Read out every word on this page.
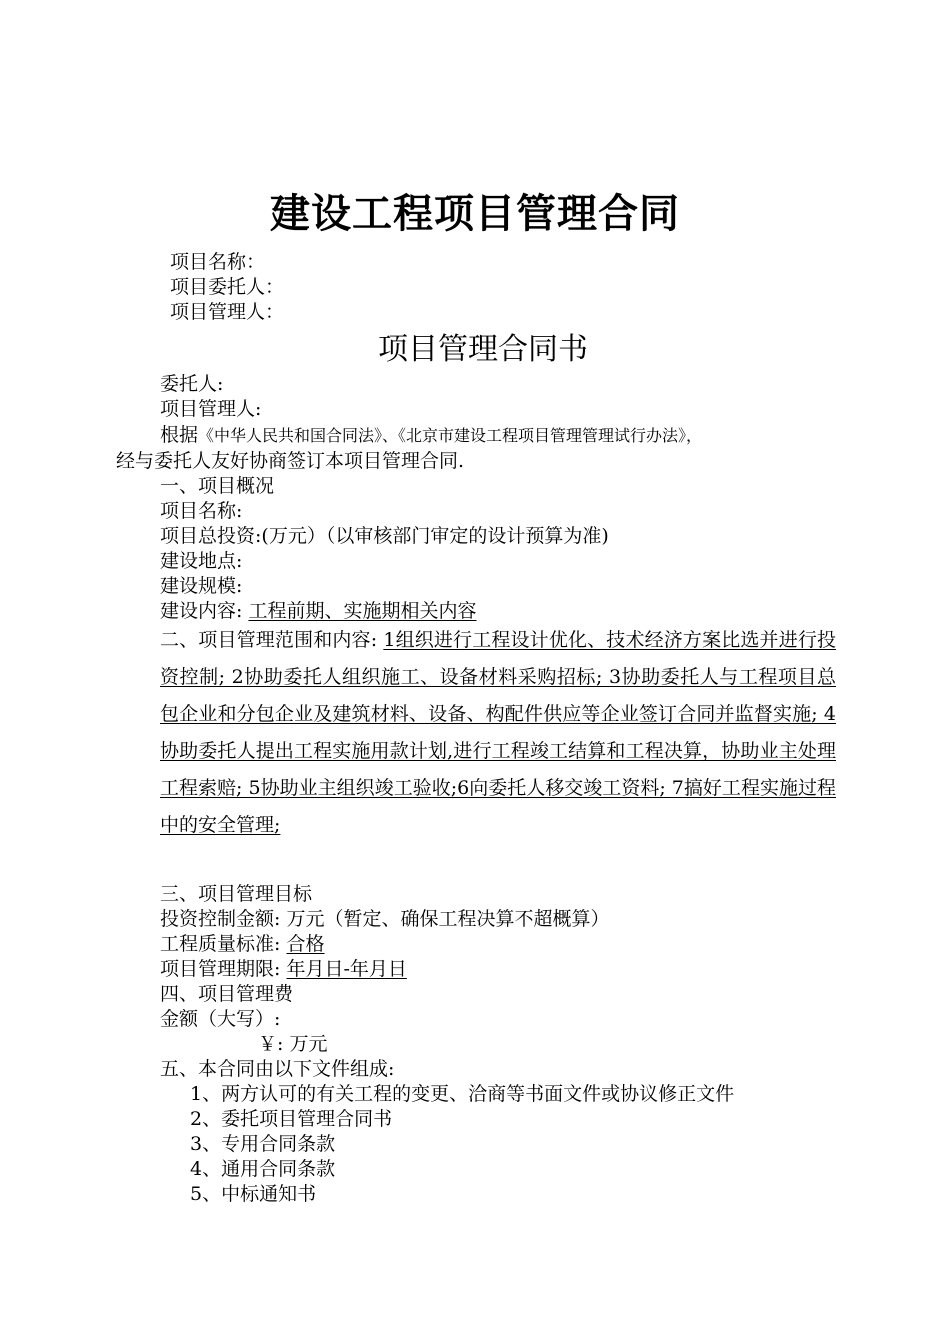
建设工程项目管理合同
项目名称：
项目委托人：
项目管理人：
项目管理合同书
委托人:
项目管理人:
根据《中华人民共和国合同法》、《北京市建设工程项目管理管理试行办法》，
经与委托人友好协商签订本项目管理合同.
一、项目概况
项目名称:
项目总投资:(万元）（以审核部门审定的设计预算为准)
建设地点:
建设规模:
建设内容: 工程前期、实施期相关内容
二、项目管理范围和内容: 1组织进行工程设计优化、技术经济方案比选并进行投资控制; 2协助委托人组织施工、设备材料采购招标; 3协助委托人与工程项目总包企业和分包企业及建筑材料、设备、构配件供应等企业签订合同并监督实施; 4协助委托人提出工程实施用款计划,进行工程竣工结算和工程决算，协助业主处理工程索赔; 5协助业主组织竣工验收;6向委托人移交竣工资料; 7搞好工程实施过程中的安全管理;
三、项目管理目标
投资控制金额: 万元（暂定、确保工程决算不超概算）
工程质量标准: 合格
项目管理期限: 年月日-年月日
四、项目管理费
金额（大写）:
￥: 万元
五、本合同由以下文件组成:
1、两方认可的有关工程的变更、洽商等书面文件或协议修正文件
2、委托项目管理合同书
3、专用合同条款
4、通用合同条款
5、中标通知书
